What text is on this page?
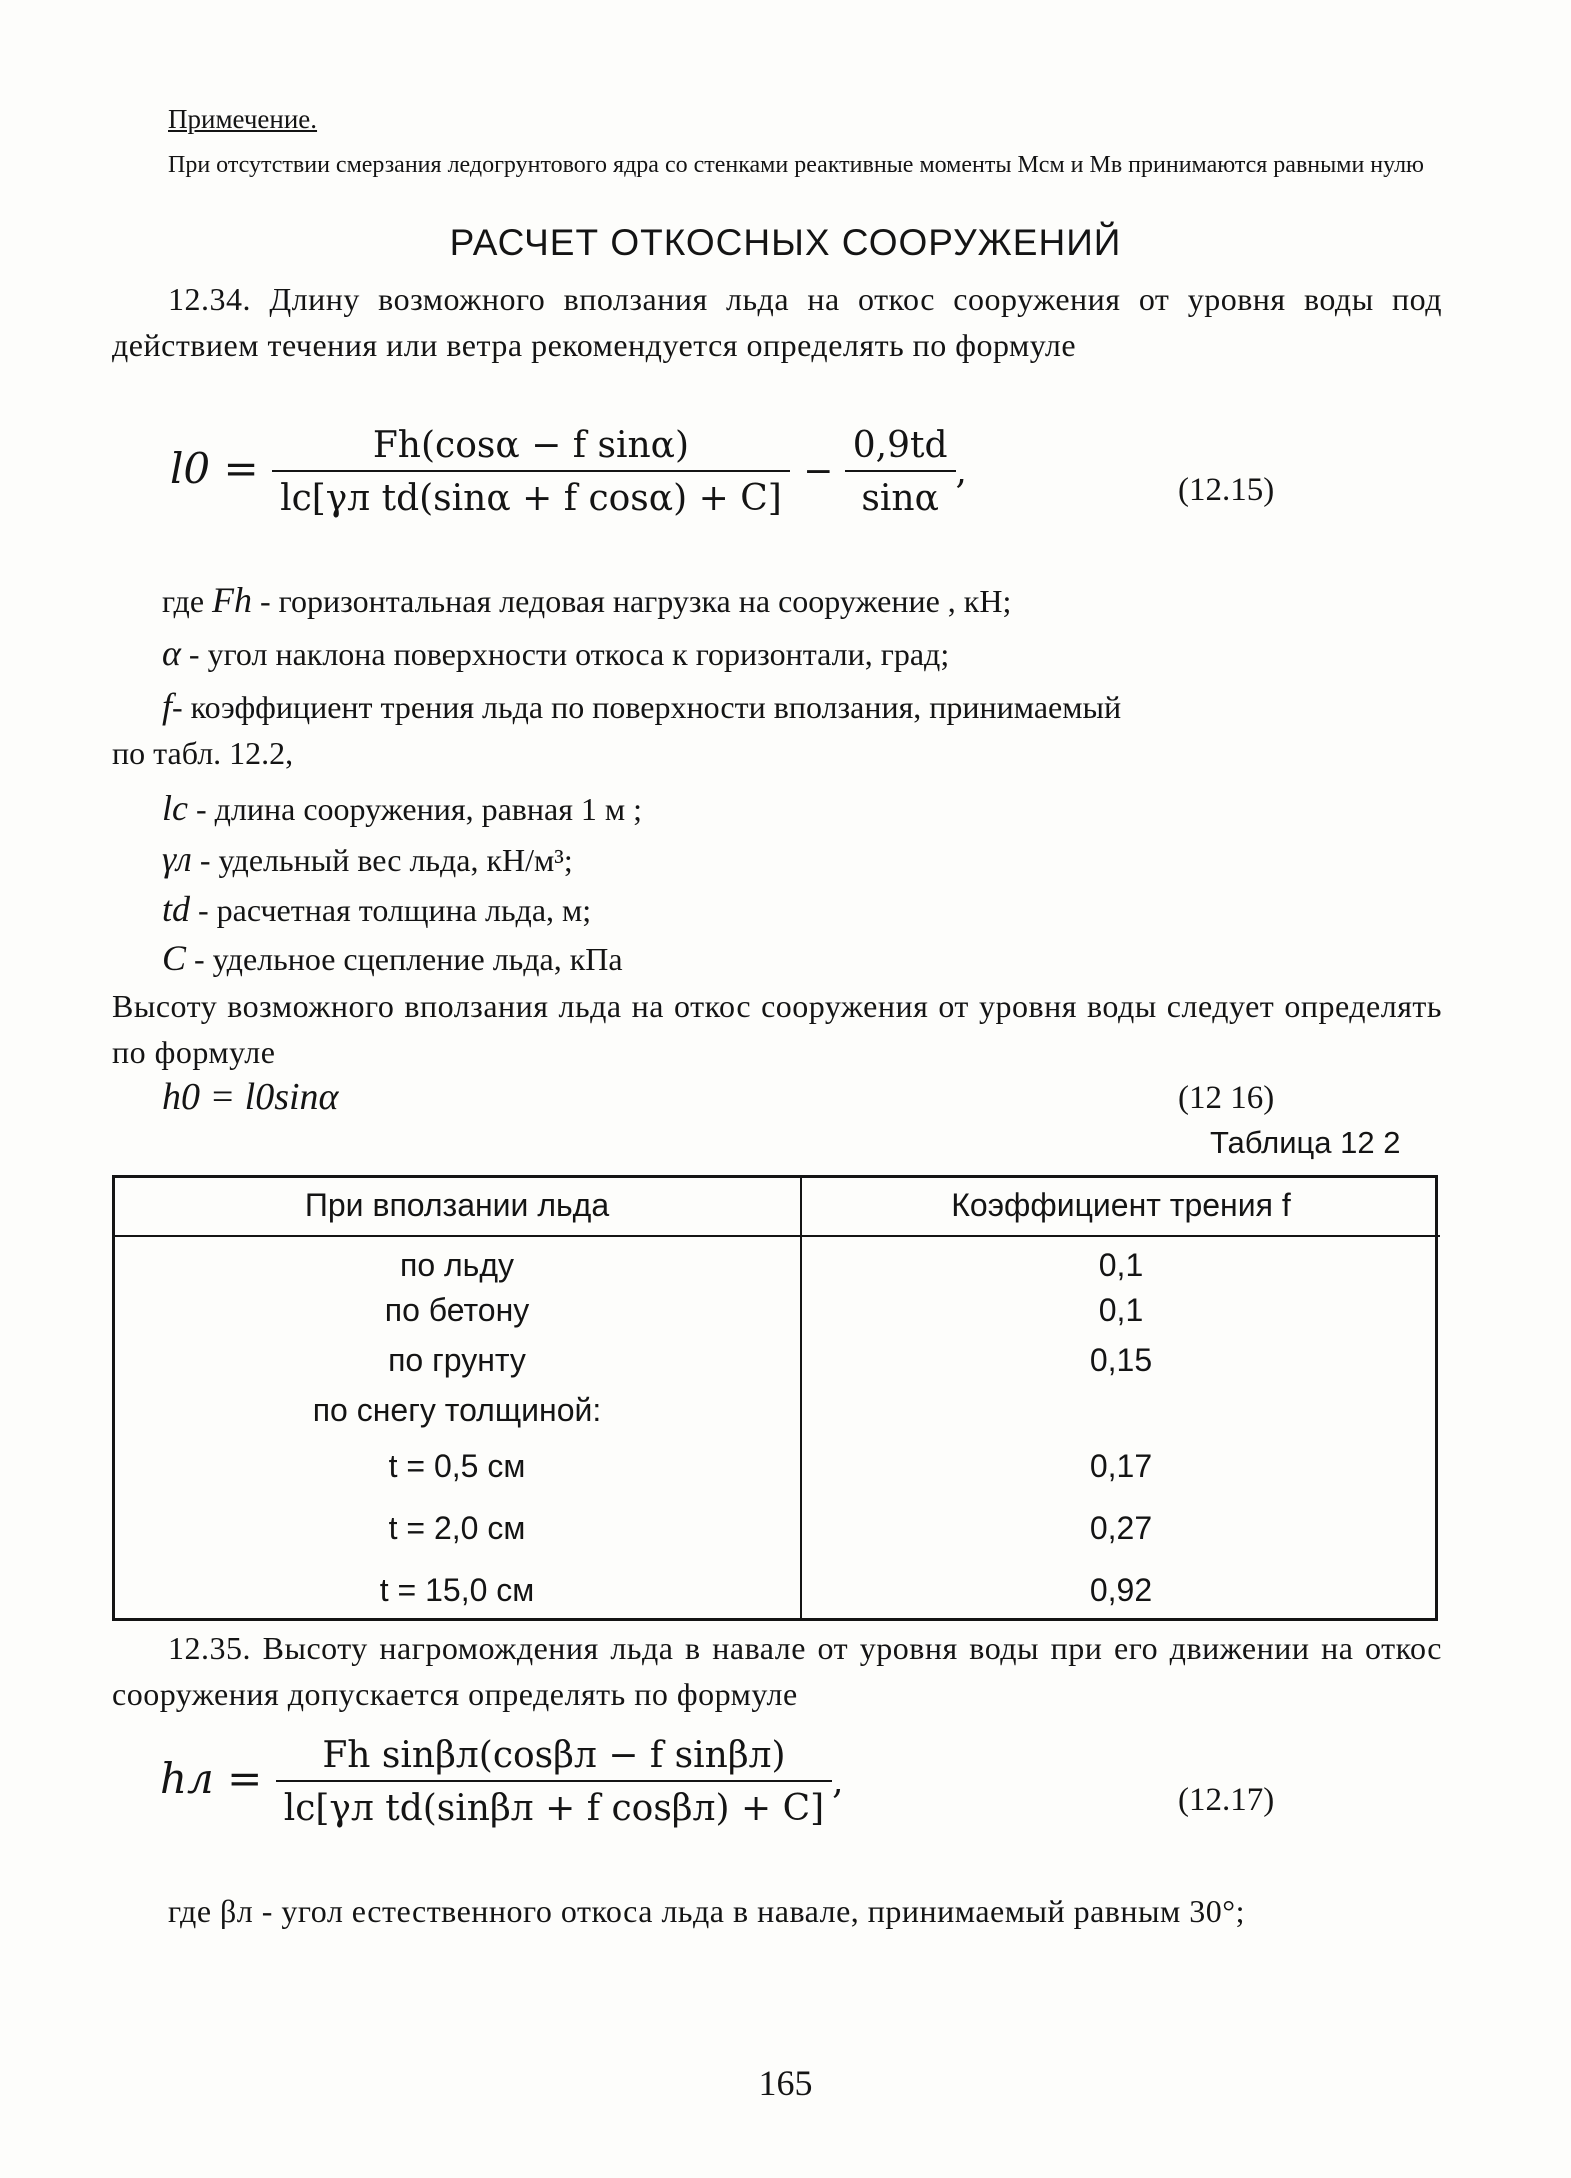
Примечение.
При отсутствии смерзания ледогрунтового ядра со стенками реактивные моменты Mcм и Mв принимаются равными нулю
РАСЧЕТ ОТКОСНЫХ СООРУЖЕНИЙ
12.34. Длину возможного вползания льда на откос сооружения от уровня воды под действием течения или ветра рекомендуется определять по формуле
$l0 = \frac{\text{Fh(cosα − f sinα)}}{\text{lc[γл td(sinα + f cosα) + C]}} - \frac{0,9td}{\sin\alpha}$ ,	(12.15)
где Fh - горизонтальная ледовая нагрузка на сооружение , кН;
α - угол наклона поверхности откоса к горизонтали, град;
f- коэффициент трения льда по поверхности вползания, принимаемый
по табл. 12.2,
lc - длина сооружения, равная 1 м ;
γл - удельный вес льда, кН/м³;
td - расчетная толщина льда, м;
C - удельное сцепление льда, кПа
Высоту возможного вползания льда на откос сооружения от уровня воды следует определять по формуле
h0 = l0sinα	(12 16)
Таблица 12 2
При вползании льда	Коэффициент трения f
по льду	0,1
по бетону	0,1
по грунту	0,15
по снегу толщиной:	
t = 0,5 см	0,17
t = 2,0 см	0,27
t = 15,0 см	0,92
12.35. Высоту нагромождения льда в навале от уровня воды при его движении на откос сооружения допускается определять по формуле
hл = $\frac{\text{Fh sinβл(cosβл − f sinβл)}}{\text{lc[γл td(sinβл + f cosβл) + C]}}$ ,	(12.17)
где βл - угол естественного откоса льда в навале, принимаемый равным 30°;
165
